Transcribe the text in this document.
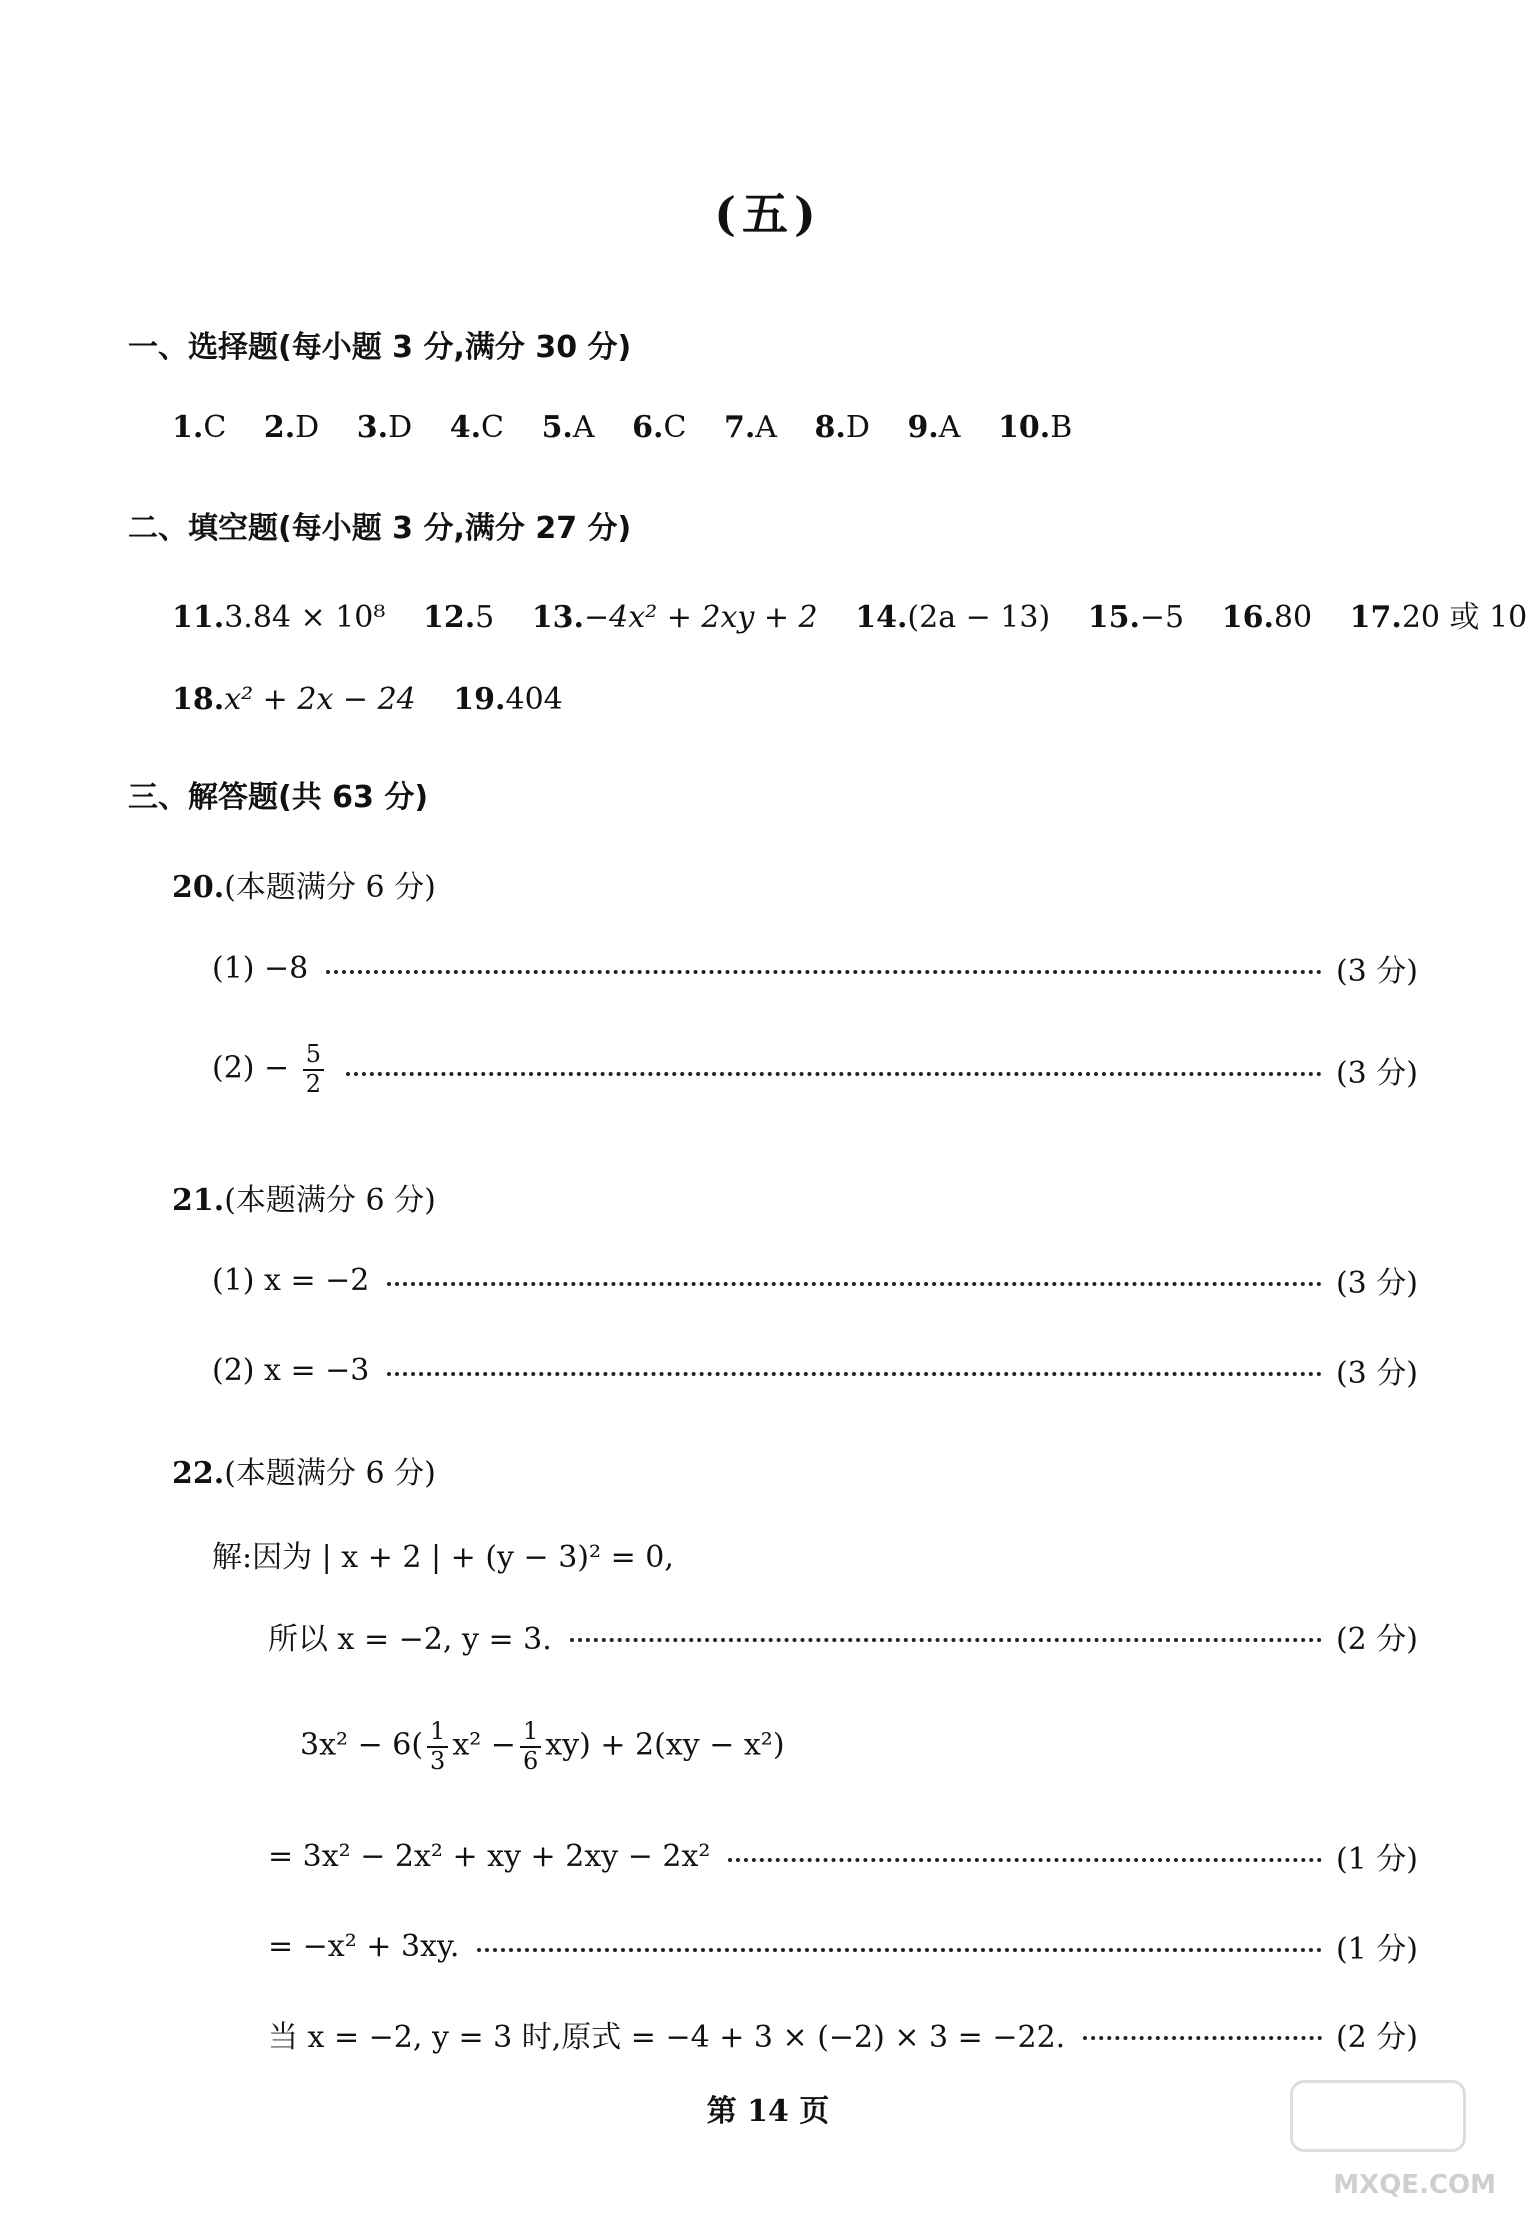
(五)
一、选择题(每小题 3 分,满分 30 分)
1.C 2.D 3.D 4.C 5.A 6.C 7.A 8.D 9.A 10.B
二、填空题(每小题 3 分,满分 27 分)
11.3.84 × 10⁸ 12.5 13.−4x² + 2xy + 2 14.(2a − 13) 15.−5 16.80 17.20 或 10
18.x² + 2x − 24 19.404
三、解答题(共 63 分)
20.(本题满分 6 分)
(1) −8	(3 分)
$(2) - \frac{5}{2}$	(3 分)
21.(本题满分 6 分)
(1) x = −2	(3 分)
(2) x = −3	(3 分)
22.(本题满分 6 分)
解:因为 | x + 2 | + (y − 3)² = 0,
所以 x = −2, y = 3.	(2 分)
$3x^2 - 6( \frac{1}{3} x^2 - \frac{1}{6} xy) + 2(xy - x^2)$
= 3x² − 2x² + xy + 2xy − 2x²	(1 分)
= −x² + 3xy.	(1 分)
当 x = −2, y = 3 时,原式 = −4 + 3 × (−2) × 3 = −22.	(2 分)
第 14 页
MXQE.COM
